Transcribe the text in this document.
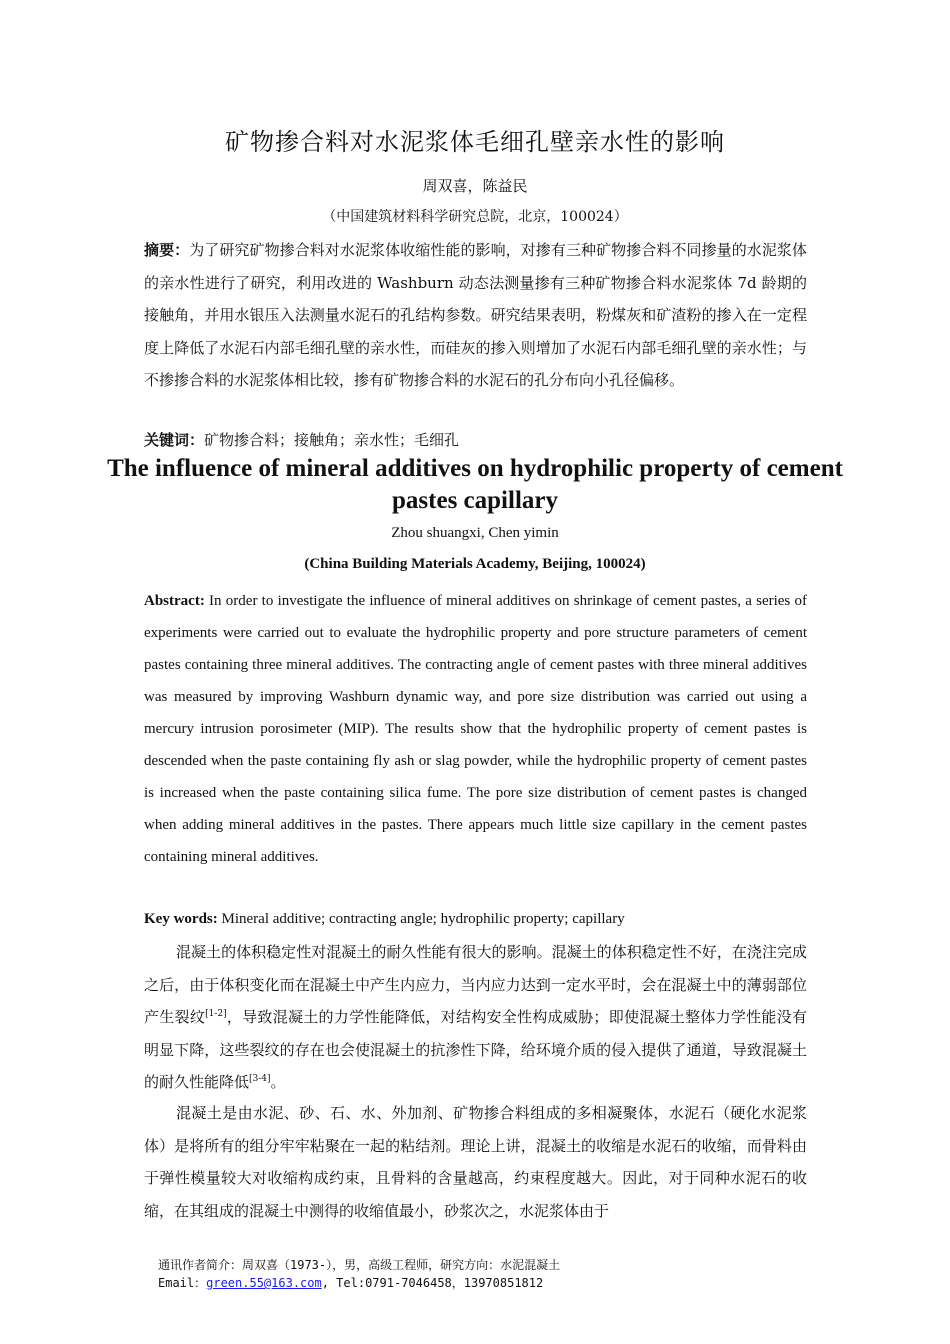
矿物掺合料对水泥浆体毛细孔壁亲水性的影响
周双喜，陈益民
（中国建筑材料科学研究总院，北京，100024）

摘要：为了研究矿物掺合料对水泥浆体收缩性能的影响，对掺有三种矿物掺合料不同掺量的水泥浆体的亲水性进行了研究，利用改进的 Washburn 动态法测量掺有三种矿物掺合料水泥浆体 7d 龄期的接触角，并用水银压入法测量水泥石的孔结构参数。研究结果表明，粉煤灰和矿渣粉的掺入在一定程度上降低了水泥石内部毛细孔壁的亲水性，而硅灰的掺入则增加了水泥石内部毛细孔壁的亲水性；与不掺掺合料的水泥浆体相比较，掺有矿物掺合料的水泥石的孔分布向小孔径偏移。

关键词：矿物掺合料；接触角；亲水性；毛细孔

The influence of mineral additives on hydrophilic property of cement pastes capillary

Zhou shuangxi, Chen yimin
(China Building Materials Academy, Beijing, 100024)

Abstract: In order to investigate the influence of mineral additives on shrinkage of cement pastes, a series of experiments were carried out to evaluate the hydrophilic property and pore structure parameters of cement pastes containing three mineral additives. The contracting angle of cement pastes with three mineral additives was measured by improving Washburn dynamic way, and pore size distribution was carried out using a mercury intrusion porosimeter (MIP). The results show that the hydrophilic property of cement pastes is descended when the paste containing fly ash or slag powder, while the hydrophilic property of cement pastes is increased when the paste containing silica fume. The pore size distribution of cement pastes is changed when adding mineral additives in the pastes. There appears much little size capillary in the cement pastes containing mineral additives.

Key words: Mineral additive; contracting angle; hydrophilic property; capillary

混凝土的体积稳定性对混凝土的耐久性能有很大的影响。混凝土的体积稳定性不好，在浇注完成之后，由于体积变化而在混凝土中产生内应力，当内应力达到一定水平时，会在混凝土中的薄弱部位产生裂纹[1-2]，导致混凝土的力学性能降低，对结构安全性构成威胁；即使混凝土整体力学性能没有明显下降，这些裂纹的存在也会使混凝土的抗渗性下降，给环境介质的侵入提供了通道，导致混凝土的耐久性能降低[3-4]。

混凝土是由水泥、砂、石、水、外加剂、矿物掺合料组成的多相凝聚体，水泥石（硬化水泥浆体）是将所有的组分牢牢粘聚在一起的粘结剂。理论上讲，混凝土的收缩是水泥石的收缩，而骨料由于弹性模量较大对收缩构成约束，且骨料的含量越高，约束程度越大。因此，对于同种水泥石的收缩，在其组成的混凝土中测得的收缩值最小，砂浆次之，水泥浆体由于

通讯作者简介：周双喜（1973-），男，高级工程师，研究方向：水泥混凝土
Email：green.55@163.com, Tel:0791-7046458，13970851812
